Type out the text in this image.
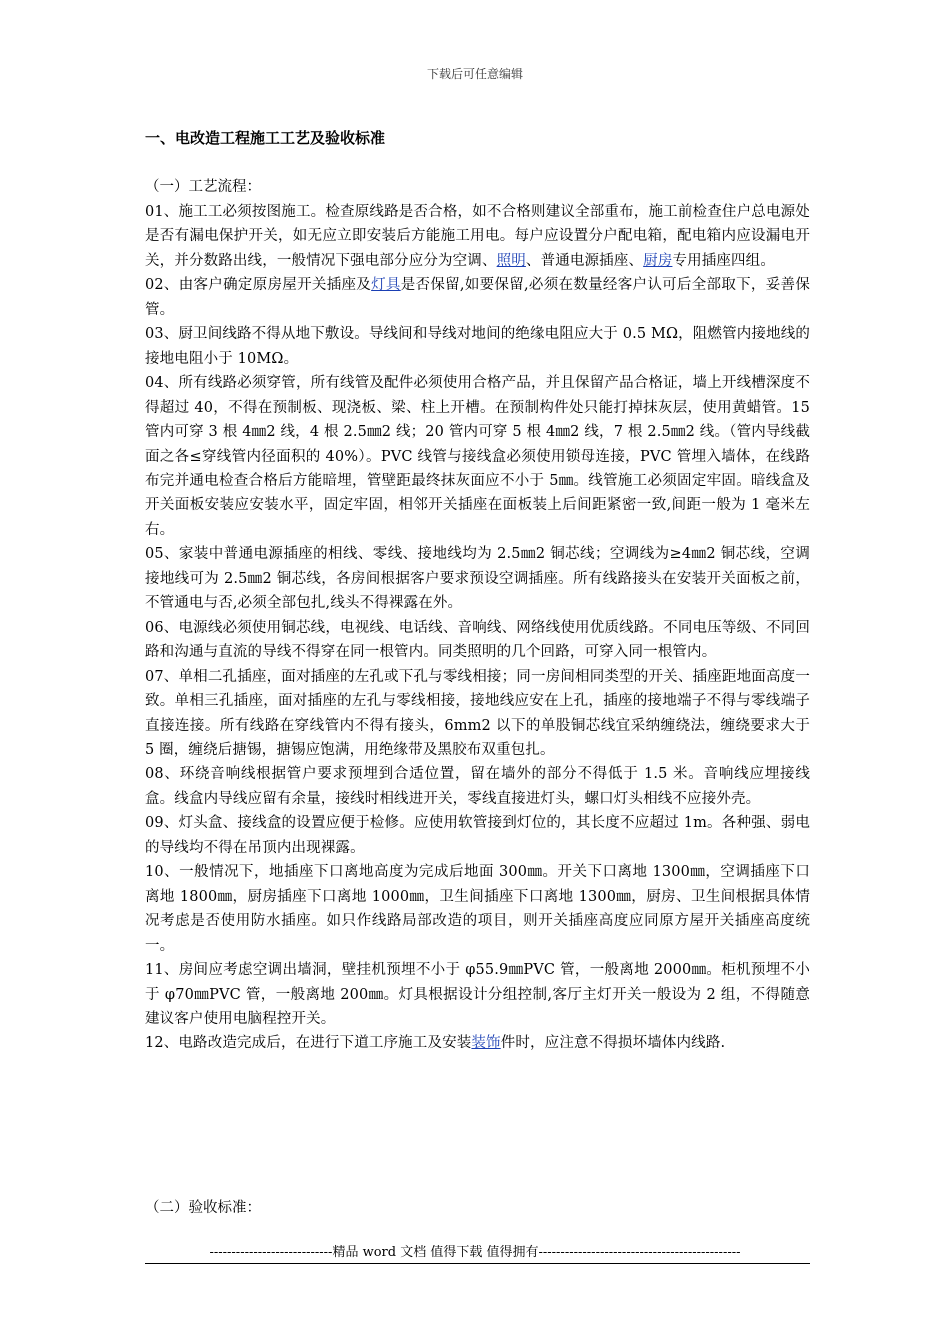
下载后可任意编辑
一、电改造工程施工工艺及验收标准
（一）工艺流程：

01、施工工必须按图施工。检查原线路是否合格，如不合格则建议全部重布，施工前检查住户总电源处是否有漏电保护开关，如无应立即安装后方能施工用电。每户应设置分户配电箱，配电箱内应设漏电开关，并分数路出线，一般情况下强电部分应分为空调、照明、普通电源插座、厨房专用插座四组。

02、由客户确定原房屋开关插座及灯具是否保留,如要保留,必须在数量经客户认可后全部取下，妥善保管。

03、厨卫间线路不得从地下敷设。导线间和导线对地间的绝缘电阻应大于 0.5 MΩ，阻燃管内接地线的接地电阻小于 10MΩ。

04、所有线路必须穿管，所有线管及配件必须使用合格产品，并且保留产品合格证，墙上开线槽深度不得超过 40，不得在预制板、现浇板、梁、柱上开槽。在预制构件处只能打掉抹灰层，使用黄蜡管。15 管内可穿 3 根 4㎜2 线，4 根 2.5㎜2 线；20 管内可穿 5 根 4㎜2 线，7 根 2.5㎜2 线。（管内导线截面之各≤穿线管内径面积的 40%）。PVC 线管与接线盒必须使用锁母连接，PVC 管埋入墙体，在线路布完并通电检查合格后方能暗埋，管壁距最终抹灰面应不小于 5㎜。线管施工必须固定牢固。暗线盒及开关面板安装应安装水平，固定牢固，相邻开关插座在面板装上后间距紧密一致,间距一般为 1 毫米左右。

05、家装中普通电源插座的相线、零线、接地线均为 2.5㎜2 铜芯线；空调线为≥4㎜2 铜芯线，空调接地线可为 2.5㎜2 铜芯线，各房间根据客户要求预设空调插座。所有线路接头在安装开关面板之前，不管通电与否,必须全部包扎,线头不得裸露在外。

06、电源线必须使用铜芯线，电视线、电话线、音响线、网络线使用优质线路。不同电压等级、不同回路和沟通与直流的导线不得穿在同一根管内。同类照明的几个回路，可穿入同一根管内。

07、单相二孔插座，面对插座的左孔或下孔与零线相接；同一房间相同类型的开关、插座距地面高度一致。单相三孔插座，面对插座的左孔与零线相接，接地线应安在上孔，插座的接地端子不得与零线端子直接连接。所有线路在穿线管内不得有接头，6mm2 以下的单股铜芯线宜采纳缠绕法，缠绕要求大于 5 圈，缠绕后搪锡，搪锡应饱满，用绝缘带及黑胶布双重包扎。

08、环绕音响线根据管户要求预埋到合适位置，留在墙外的部分不得低于 1.5 米。音响线应埋接线盒。线盒内导线应留有余量，接线时相线进开关，零线直接进灯头，螺口灯头相线不应接外壳。

09、灯头盒、接线盒的设置应便于检修。应使用软管接到灯位的，其长度不应超过 1m。各种强、弱电的导线均不得在吊顶内出现裸露。

10、一般情况下，地插座下口离地高度为完成后地面 300㎜。开关下口离地 1300㎜，空调插座下口离地 1800㎜，厨房插座下口离地 1000㎜，卫生间插座下口离地 1300㎜，厨房、卫生间根据具体情况考虑是否使用防水插座。如只作线路局部改造的项目，则开关插座高度应同原方屋开关插座高度统一。

11、房间应考虑空调出墙洞，壁挂机预埋不小于 φ55.9㎜PVC 管，一般离地 2000㎜。柜机预埋不小于 φ70㎜PVC 管，一般离地 200㎜。灯具根据设计分组控制,客厅主灯开关一般设为 2 组，不得随意建议客户使用电脑程控开关。

12、电路改造完成后，在进行下道工序施工及安装装饰件时，应注意不得损坏墙体内线路.

（二）验收标准：
----------------------------精品 word 文档 值得下载 值得拥有----------------------------------------------
